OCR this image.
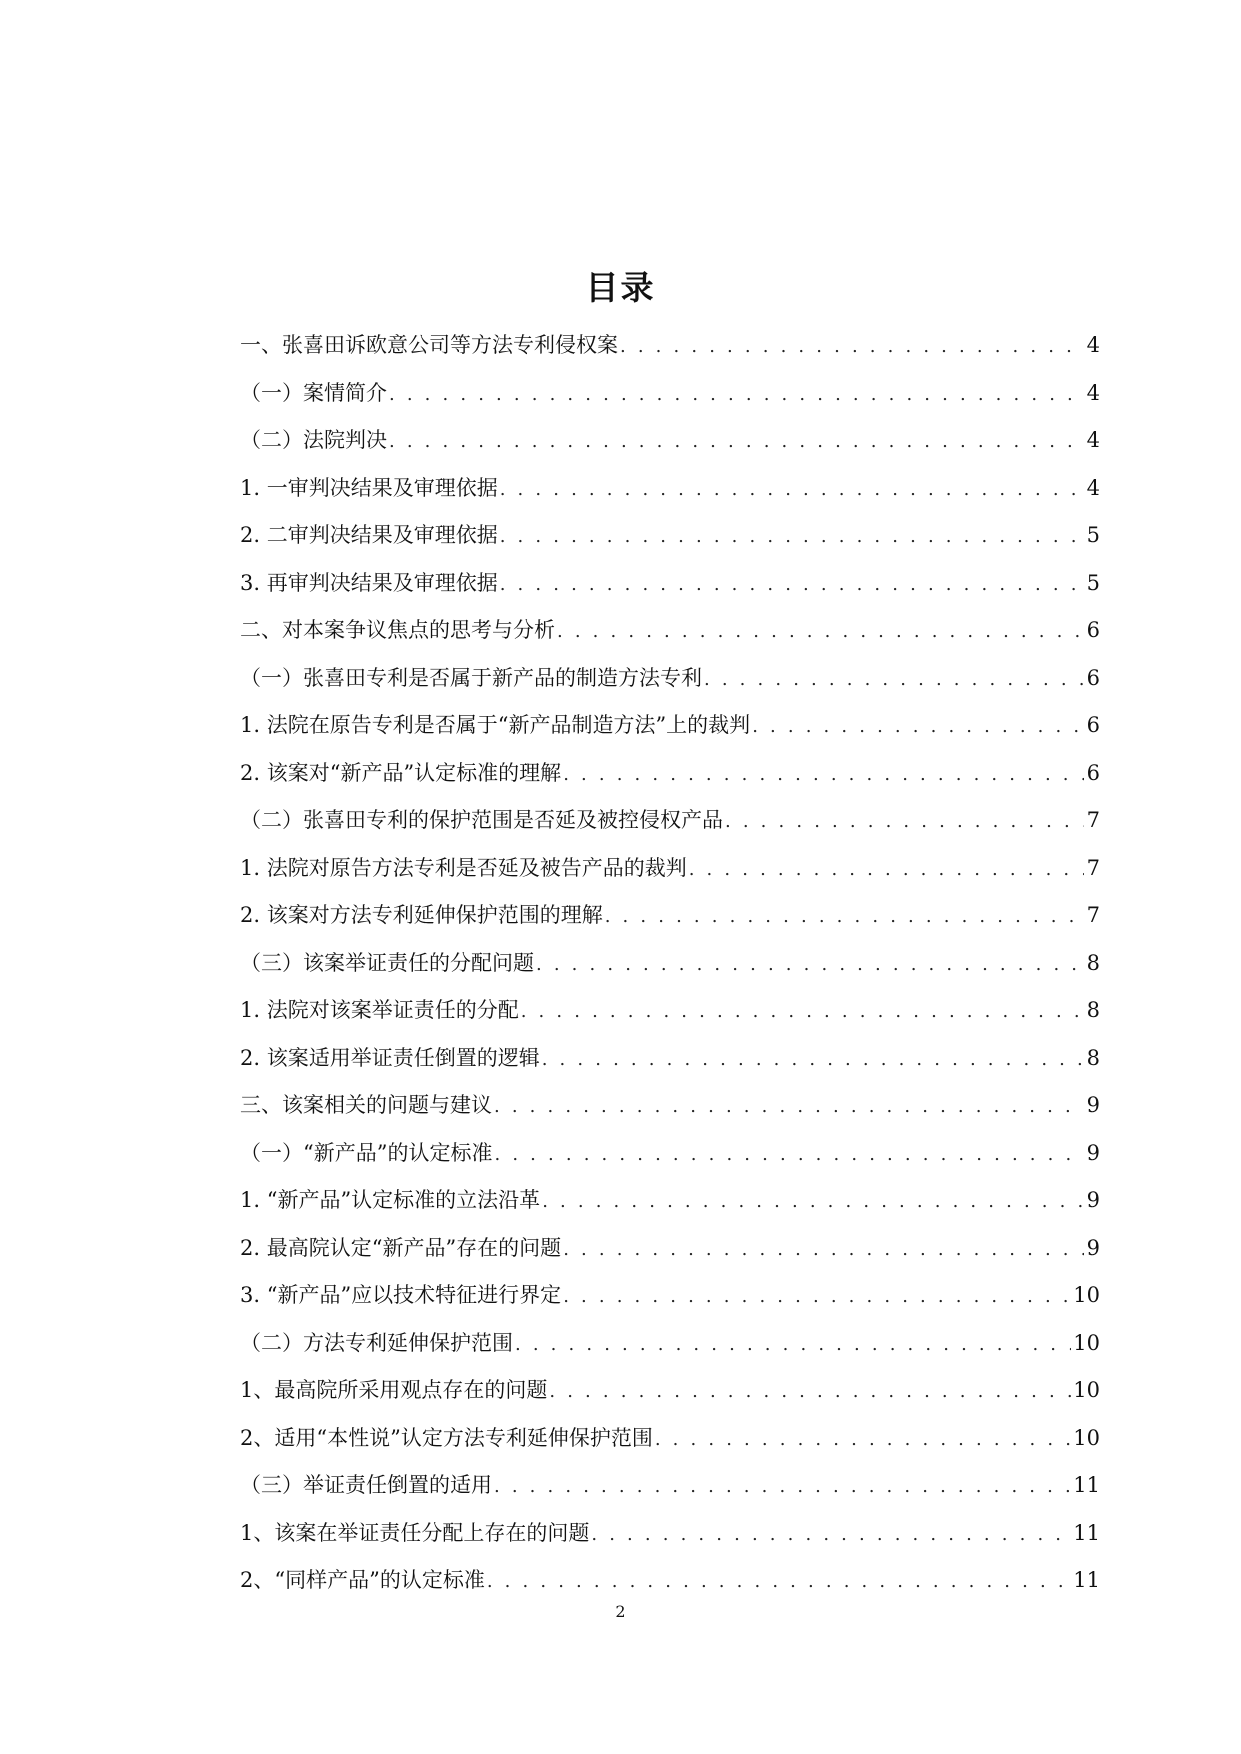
目录
一、张喜田诉欧意公司等方法专利侵权案 . . .	4
（一）案情简介 . . .	4
（二）法院判决 . . .	4
1. 一审判决结果及审理依据 . . .	4
2. 二审判决结果及审理依据 . . .	5
3. 再审判决结果及审理依据 . . .	5
二、对本案争议焦点的思考与分析 . . .	6
（一）张喜田专利是否属于新产品的制造方法专利 . . .	6
1. 法院在原告专利是否属于“新产品制造方法”上的裁判 . . .	6
2. 该案对“新产品”认定标准的理解 . . .	6
（二）张喜田专利的保护范围是否延及被控侵权产品 . . .	7
1. 法院对原告方法专利是否延及被告产品的裁判 . . .	7
2. 该案对方法专利延伸保护范围的理解 . . .	7
（三）该案举证责任的分配问题 . . .	8
1. 法院对该案举证责任的分配 . . .	8
2. 该案适用举证责任倒置的逻辑 . . .	8
三、该案相关的问题与建议 . . .	9
（一）“新产品”的认定标准 . . .	9
1. “新产品”认定标准的立法沿革 . . .	9
2. 最高院认定“新产品”存在的问题 . . .	9
3. “新产品”应以技术特征进行界定 . . .	10
（二）方法专利延伸保护范围 . . .	10
1、最高院所采用观点存在的问题 . . .	10
2、适用“本性说”认定方法专利延伸保护范围 . . .	10
（三）举证责任倒置的适用 . . .	11
1、该案在举证责任分配上存在的问题 . . .	11
2、“同样产品”的认定标准 . . .	11
2
